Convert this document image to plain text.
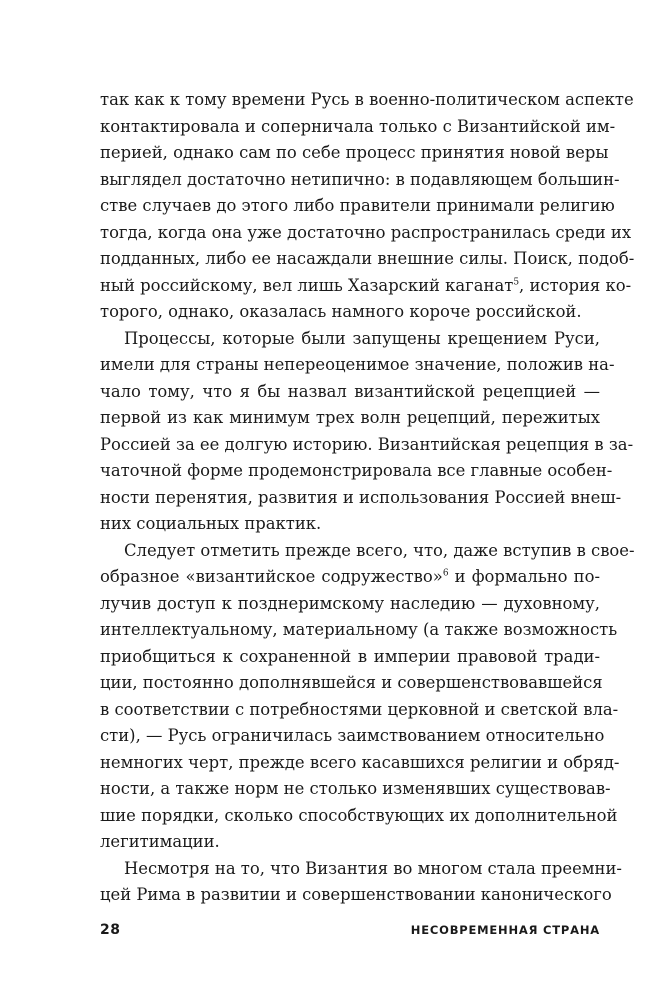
так как к тому времени Русь в военно-политическом аспекте
контактировала и соперничала только с Византийской им-
перией, однако сам по себе процесс принятия новой веры
выглядел достаточно нетипично: в подавляющем большин-
стве случаев до этого либо правители принимали религию
тогда, когда она уже достаточно распространилась среди их
подданных, либо ее насаждали внешние силы. Поиск, подоб-
ный российскому, вел лишь Хазарский каганат$^5$, история ко-
торого, однако, оказалась намного короче российской.

Процессы, которые были запущены крещением Руси,
имели для страны непереоценимое значение, положив на-
чало тому, что я бы назвал византийской рецепцией —
первой из как минимум трех волн рецепций, пережитых
Россией за ее долгую историю. Византийская рецепция в за-
чаточной форме продемонстрировала все главные особен-
ности перенятия, развития и использования Россией внеш-
них социальных практик.

Следует отметить прежде всего, что, даже вступив в свое-
образное «византийское содружество»$^6$ и формально по-
лучив доступ к позднеримскому наследию — духовному,
интеллектуальному, материальному (а также возможность
приобщиться к сохраненной в империи правовой тради-
ции, постоянно дополнявшейся и совершенствовавшейся
в соответствии с потребностями церковной и светской вла-
сти), — Русь ограничилась заимствованием относительно
немногих черт, прежде всего касавшихся религии и обряд-
ности, а также норм не столько изменявших существовав-
шие порядки, сколько способствующих их дополнительной
легитимации.

Несмотря на то, что Византия во многом стала преемни-
цей Рима в развитии и совершенствовании канонического

28	НЕСОВРЕМЕННАЯ СТРАНА
